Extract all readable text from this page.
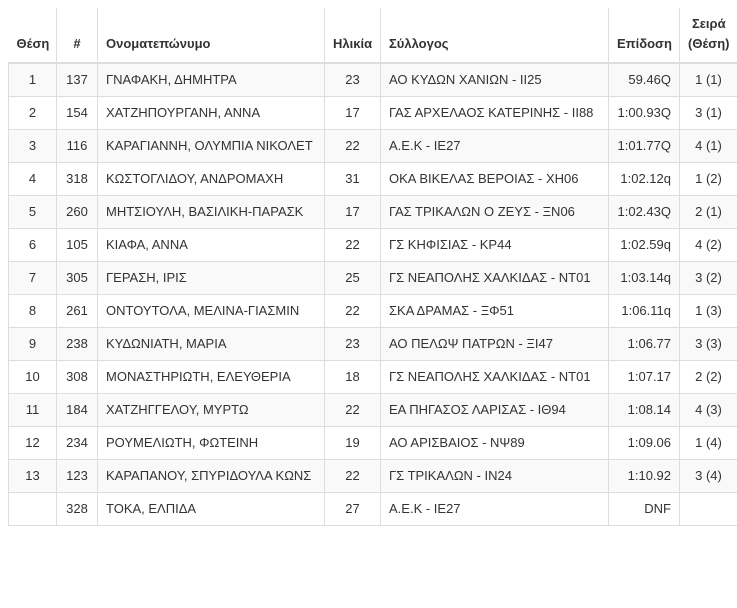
Θέση	#	Ονοματεπώνυμο	Ηλικία	Σύλλογος	Επίδοση	Σειρά
(Θέση)

1	137	ΓΝΑΦΑΚΗ, ΔΗΜΗΤΡΑ	23	ΑΟ ΚΥΔΩΝ ΧΑΝΙΩΝ - ΙΙ25	59.46Q	1 (1)
2	154	ΧΑΤΖΗΠΟΥΡΓΑΝΗ, ΑΝΝΑ	17	ΓΑΣ ΑΡΧΕΛΑΟΣ ΚΑΤΕΡΙΝΗΣ - ΙΙ88	1:00.93Q	3 (1)
3	116	ΚΑΡΑΓΙΑΝΝΗ, ΟΛΥΜΠΙΑ ΝΙΚΟΛΕΤ	22	Α.Ε.Κ - ΙΕ27	1:01.77Q	4 (1)
4	318	ΚΩΣΤΟΓΛΙΔΟΥ, ΑΝΔΡΟΜΑΧΗ	31	ΟΚΑ ΒΙΚΕΛΑΣ ΒΕΡΟΙΑΣ - ΧΗ06	1:02.12q	1 (2)
5	260	ΜΗΤΣΙΟΥΛΗ, ΒΑΣΙΛΙΚΗ-ΠΑΡΑΣΚ	17	ΓΑΣ ΤΡΙΚΑΛΩΝ Ο ΖΕΥΣ - ΞΝ06	1:02.43Q	2 (1)
6	105	ΚΙΑΦΑ, ΑΝΝΑ	22	ΓΣ ΚΗΦΙΣΙΑΣ - ΚΡ44	1:02.59q	4 (2)
7	305	ΓΕΡΑΣΗ, ΙΡΙΣ	25	ΓΣ ΝΕΑΠΟΛΗΣ ΧΑΛΚΙΔΑΣ - ΝΤ01	1:03.14q	3 (2)
8	261	ΟΝΤΟΥΤΟΛΑ, ΜΕΛΙΝΑ-ΓΙΑΣΜΙΝ	22	ΣΚΑ ΔΡΑΜΑΣ - ΞΦ51	1:06.11q	1 (3)
9	238	ΚΥΔΩΝΙΑΤΗ, ΜΑΡΙΑ	23	ΑΟ ΠΕΛΩΨ ΠΑΤΡΩΝ - ΞΙ47	1:06.77	3 (3)
10	308	ΜΟΝΑΣΤΗΡΙΩΤΗ, ΕΛΕΥΘΕΡΙΑ	18	ΓΣ ΝΕΑΠΟΛΗΣ ΧΑΛΚΙΔΑΣ - ΝΤ01	1:07.17	2 (2)
11	184	ΧΑΤΖΗΓΓΕΛΟΥ, ΜΥΡΤΩ	22	ΕΑ ΠΗΓΑΣΟΣ ΛΑΡΙΣΑΣ - ΙΘ94	1:08.14	4 (3)
12	234	ΡΟΥΜΕΛΙΩΤΗ, ΦΩΤΕΙΝΗ	19	ΑΟ ΑΡΙΣΒΑΙΟΣ - ΝΨ89	1:09.06	1 (4)
13	123	ΚΑΡΑΠΑΝΟΥ, ΣΠΥΡΙΔΟΥΛΑ ΚΩΝΣ	22	ΓΣ ΤΡΙΚΑΛΩΝ - ΙΝ24	1:10.92	3 (4)
	328	ΤΟΚΑ, ΕΛΠΙΔΑ	27	Α.Ε.Κ - ΙΕ27	DNF	
